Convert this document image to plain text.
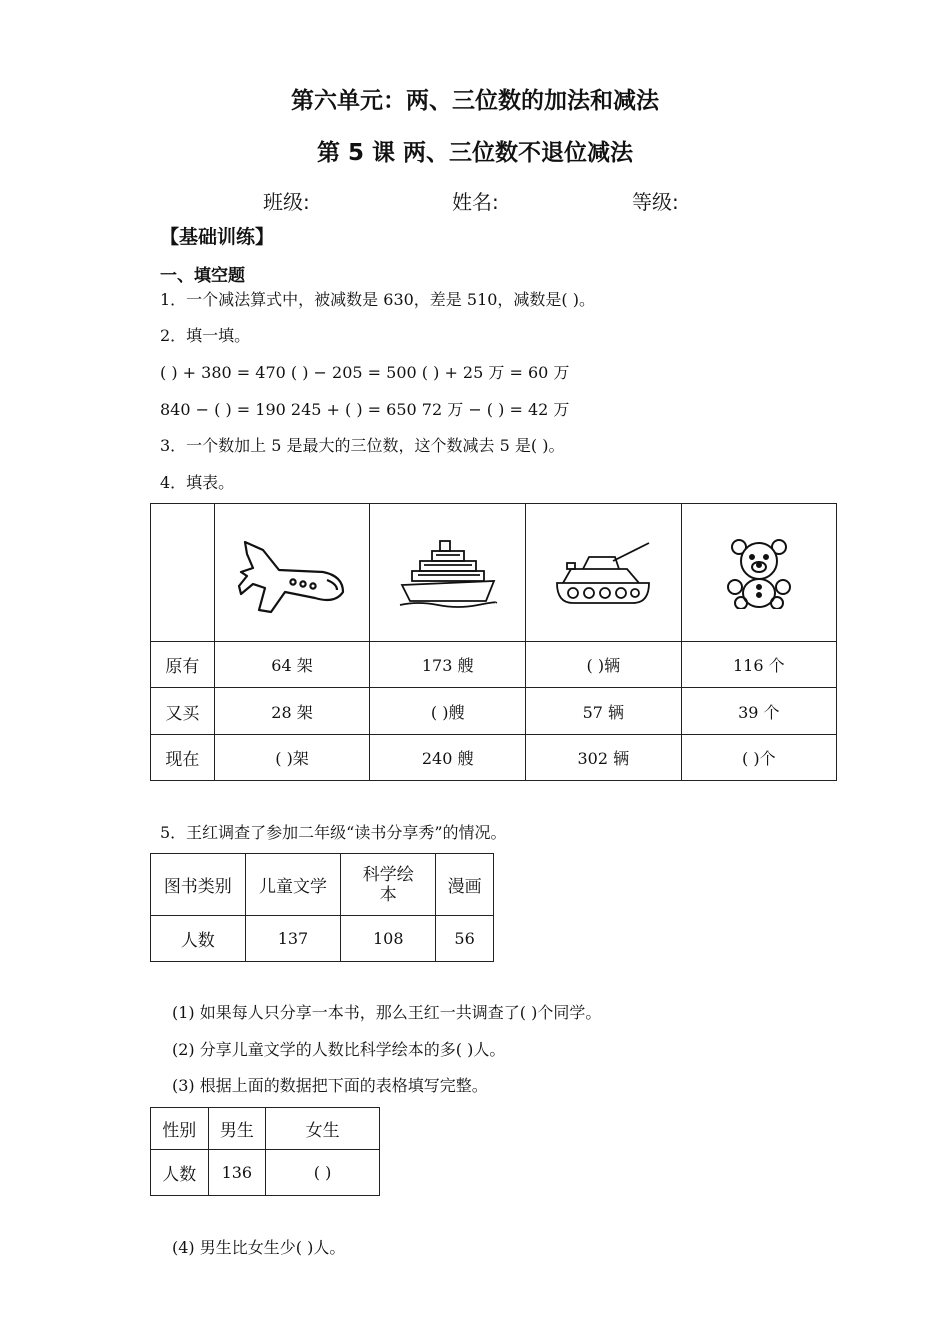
第六单元：两、三位数的加法和减法
第 5 课 两、三位数不退位减法
班级:	姓名:	等级:
【基础训练】
一、填空题
1．一个减法算式中，被减数是 630，差是 510，减数是( )。
2．填一填。
( ) + 380 = 470 ( ) − 205 = 500 ( ) + 25 万 = 60 万
840 − ( ) = 190 245 + ( ) = 650 72 万 − ( ) = 42 万
3．一个数加上 5 是最大的三位数，这个数减去 5 是( )。
4．填表。

原有	64 架	173 艘	( )辆	116 个
又买	28 架	( )艘	57 辆	39 个
现在	( )架	240 艘	302 辆	( )个
5．王红调查了参加二年级“读书分享秀”的情况。
图书类别	儿童文学	科学绘本	漫画
人数	137	108	56
(1) 如果每人只分享一本书，那么王红一共调查了( )个同学。
(2) 分享儿童文学的人数比科学绘本的多( )人。
(3) 根据上面的数据把下面的表格填写完整。
性别	男生	女生
人数	136	( )
(4) 男生比女生少( )人。
